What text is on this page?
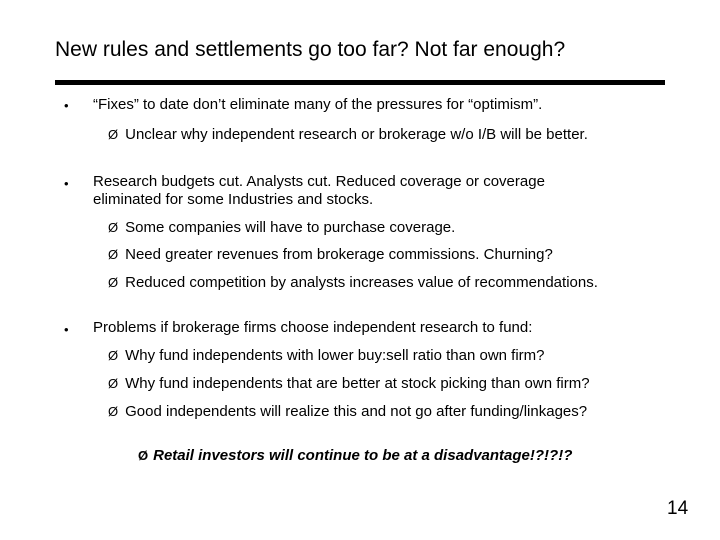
New rules and settlements go too far? Not far enough?
• “Fixes” to date don’t eliminate many of the pressures for “optimism”.
Ø Unclear why independent research or brokerage w/o I/B will be better.
• Research budgets cut. Analysts cut. Reduced coverage or coverage eliminated for some Industries and stocks.
Ø Some companies will have to purchase coverage.
Ø Need greater revenues from brokerage commissions. Churning?
Ø Reduced competition by analysts increases value of recommendations.
• Problems if brokerage firms choose independent research to fund:
Ø Why fund independents with lower buy:sell ratio than own firm?
Ø Why fund independents that are better at stock picking than own firm?
Ø Good independents will realize this and not go after funding/linkages?
Ø Retail investors will continue to be at a disadvantage!?!?!?
14
